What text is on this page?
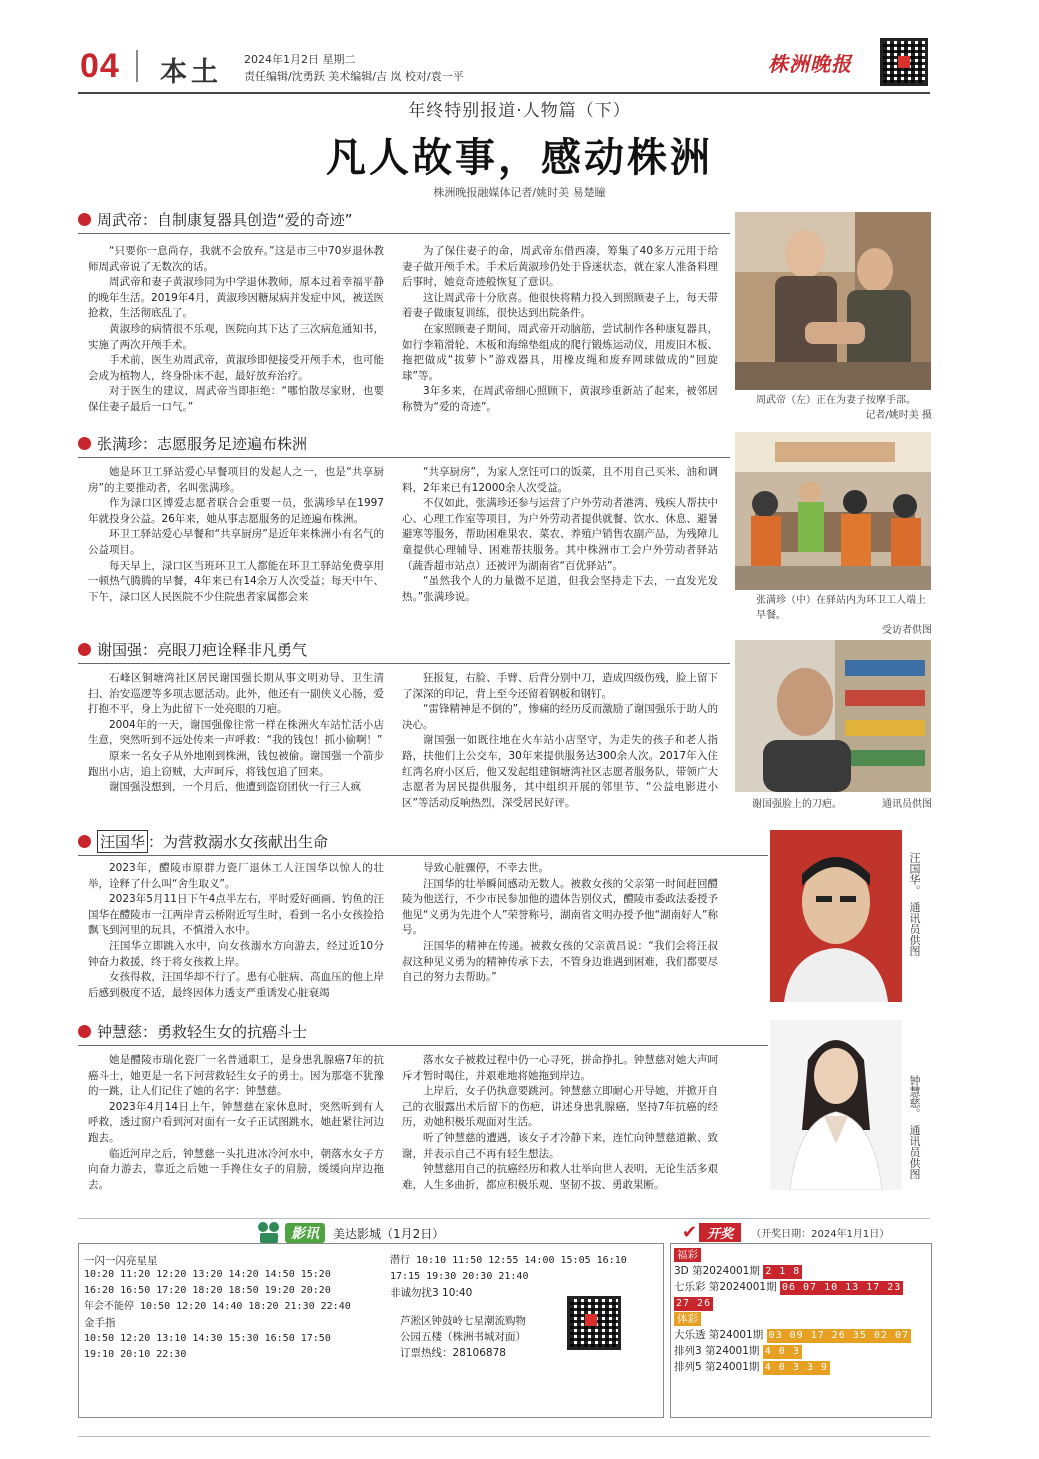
04 本土 2024年1月2日 星期二
责任编辑/沈勇跃 美术编辑/吉 岚 校对/袁一平
株洲晚报
年终特别报道·人物篇（下）
凡人故事，感动株洲
株洲晚报融媒体记者/姚时美 易楚瞳
周武帝：自制康复器具创造“爱的奇迹”

“只要你一息尚存，我就不会放弃。”这是市三中70岁退休教师周武帝说了无数次的话。

周武帝和妻子黄淑珍同为中学退休教师，原本过着幸福平静的晚年生活。2019年4月，黄淑珍因糖尿病并发症中风，被送医抢救，生活彻底乱了。

黄淑珍的病情很不乐观，医院向其下达了三次病危通知书，实施了两次开颅手术。

手术前，医生劝周武帝，黄淑珍即便接受开颅手术，也可能会成为植物人，终身卧床不起，最好放弃治疗。

对于医生的建议，周武帝当即拒绝：“哪怕散尽家财，也要保住妻子最后一口气。”

为了保住妻子的命，周武帝东借西凑，筹集了40多万元用于给妻子做开颅手术。手术后黄淑珍仍处于昏迷状态，就在家人准备料理后事时，她竟奇迹般恢复了意识。

这让周武帝十分欣喜。他很快将精力投入到照顾妻子上，每天带着妻子做康复训练，很快达到出院条件。

在家照顾妻子期间，周武帝开动脑筋，尝试制作各种康复器具，如行李箱滑轮、木板和海绵垫组成的爬行锻炼运动仪，用废旧木板、拖把做成“拔萝卜”游戏器具，用橡皮绳和废弃网球做成的“回旋球”等。

3年多来，在周武帝细心照顾下，黄淑珍重新站了起来，被邻居称赞为“爱的奇迹”。

周武帝（左）正在为妻子按摩手部。
记者/姚时美 摄
张满珍：志愿服务足迹遍布株洲

她是环卫工驿站爱心早餐项目的发起人之一，也是“共享厨房”的主要推动者，名叫张满珍。

作为渌口区博爱志愿者联合会重要一员，张满珍早在1997年就投身公益。26年来，她从事志愿服务的足迹遍布株洲。

环卫工驿站爱心早餐和“共享厨房”是近年来株洲小有名气的公益项目。

每天早上，渌口区当班环卫工人都能在环卫工驿站免费享用一顿热气腾腾的早餐，4年来已有14余万人次受益；每天中午、下午，渌口区人民医院不少住院患者家属都会来

“共享厨房”，为家人烹饪可口的饭菜，且不用自己买米、油和调料，2年来已有12000余人次受益。

不仅如此，张满珍还参与运营了户外劳动者港湾、残疾人帮扶中心、心理工作室等项目，为户外劳动者提供就餐、饮水、休息、避暑避寒等服务，帮助困难果农、菜农、养殖户销售农副产品，为残障儿童提供心理辅导、困难帮扶服务。其中株洲市工会户外劳动者驿站（蔬香超市站点）还被评为湖南省“百优驿站”。

“虽然我个人的力量微不足道，但我会坚持走下去，一直发光发热。”张满珍说。	张满珍（中）在驿站内为环卫工人端上早餐。
受访者供图
谢国强：亮眼刀疤诠释非凡勇气

石峰区铜塘湾社区居民谢国强长期从事文明劝导、卫生清扫、治安巡逻等多项志愿活动。此外，他还有一副侠义心肠，爱打抱不平，身上为此留下一处亮眼的刀疤。

2004年的一天，谢国强像往常一样在株洲火车站忙活小店生意，突然听到不远处传来一声呼救：“我的钱包！抓小偷啊！”

原来一名女子从外地刚到株洲，钱包被偷。谢国强一个箭步跑出小店，追上窃贼，大声呵斥，将钱包追了回来。

谢国强没想到，一个月后，他遭到盗窃团伙一行三人疯

狂报复，右脸、手臂、后背分别中刀，造成四级伤残，脸上留下了深深的印记，背上至今还留着钢板和钢钉。

“雷锋精神是不倒的”，惨痛的经历反而激励了谢国强乐于助人的决心。

谢国强一如既往地在火车站小店坚守，为走失的孩子和老人指路，扶他们上公交车，30年来提供服务达300余人次。2017年入住红湾名府小区后，他又发起组建铜塘湾社区志愿者服务队，带领广大志愿者为居民提供服务，其中组织开展的邻里节、“公益电影进小区”等活动反响热烈，深受居民好评。	谢国强脸上的刀疤。	通讯员供图
汪国华 ：为营救溺水女孩献出生命

2023年，醴陵市原群力瓷厂退休工人汪国华以惊人的壮举，诠释了什么叫“舍生取义”。

2023年5月11日下午4点半左右，平时爱好画画、钓鱼的汪国华在醴陵市一江两岸青云桥附近写生时，看到一名小女孩捡拾飘飞到河里的玩具，不慎滑入水中。

汪国华立即跳入水中，向女孩溺水方向游去，经过近10分钟奋力救援，终于将女孩救上岸。

女孩得救，汪国华却不行了。患有心脏病、高血压的他上岸后感到极度不适，最终因体力透支严重诱发心脏衰竭

导致心脏骤停，不幸去世。

汪国华的壮举瞬间感动无数人。被救女孩的父亲第一时间赶回醴陵为他送行，不少市民参加他的遗体告别仪式，醴陵市委政法委授予他见“义勇为先进个人”荣誉称号，湖南省文明办授予他“湖南好人”称号。

汪国华的精神在传递。被救女孩的父亲黄昌说：“我们会将汪叔叔这种见义勇为的精神传承下去，不管身边谁遇到困难，我们都要尽自己的努力去帮助。”

汪国华。　通讯员供图
钟慧慈：勇救轻生女的抗癌斗士

她是醴陵市瑞化瓷厂一名普通职工，是身患乳腺癌7年的抗癌斗士，她更是一名下河营救轻生女子的勇士。因为那毫不犹豫的一跳，让人们记住了她的名字：钟慧慈。

2023年4月14日上午，钟慧慈在家休息时，突然听到有人呼救，透过窗户看到河对面有一女子正试图跳水，她赶紧往河边跑去。

临近河岸之后，钟慧慈一头扎进冰冷河水中，朝落水女子方向奋力游去，靠近之后她一手搀住女子的肩膀，缓缓向岸边拖去。

落水女子被救过程中仍一心寻死，拼命挣扎。钟慧慈对她大声呵斥才暂时喝住，并艰难地将她拖到岸边。

上岸后，女子仍执意要跳河。钟慧慈立即耐心开导她，并掀开自己的衣服露出术后留下的伤疤，讲述身患乳腺癌，坚持7年抗癌的经历，劝她积极乐观面对生活。

听了钟慧慈的遭遇，该女子才冷静下来，连忙向钟慧慈道歉、致谢，并表示自己不再有轻生想法。

钟慧慈用自己的抗癌经历和救人壮举向世人表明，无论生活多艰难，人生多曲折，都应积极乐观、坚韧不拔、勇敢果断。

钟慧慈。　通讯员供图
影讯	美达影城（1月2日）
一闪一闪亮星星
10:20 11:20 12:20 13:20 14:20 14:50 15:20
16:20 16:50 17:20 18:20 18:50 19:20 20:20
年会不能停 10:50 12:20 14:40 18:20 21:30 22:40
金手指
10:50 12:20 13:10 14:30 15:30 16:50 17:50
19:10 20:10 22:30
潜行 10:10 11:50 12:55 14:00 15:05 16:10
17:15 19:30 20:30 21:40
非诚勿扰3 10:40
芦淞区钟鼓岭七星潮流购物
公园五楼（株洲书城对面）
订票热线：28106878
✔ 开奖	（开奖日期：2024年1月1日）
福彩
3D 第2024001期 2 1 8
七乐彩 第2024001期 06 07 10 13 17 23
27 26
体彩
大乐透 第24001期 03 09 17 26 35 02 07
排列3 第24001期 4 0 3
排列5 第24001期 4 0 3 3 9
